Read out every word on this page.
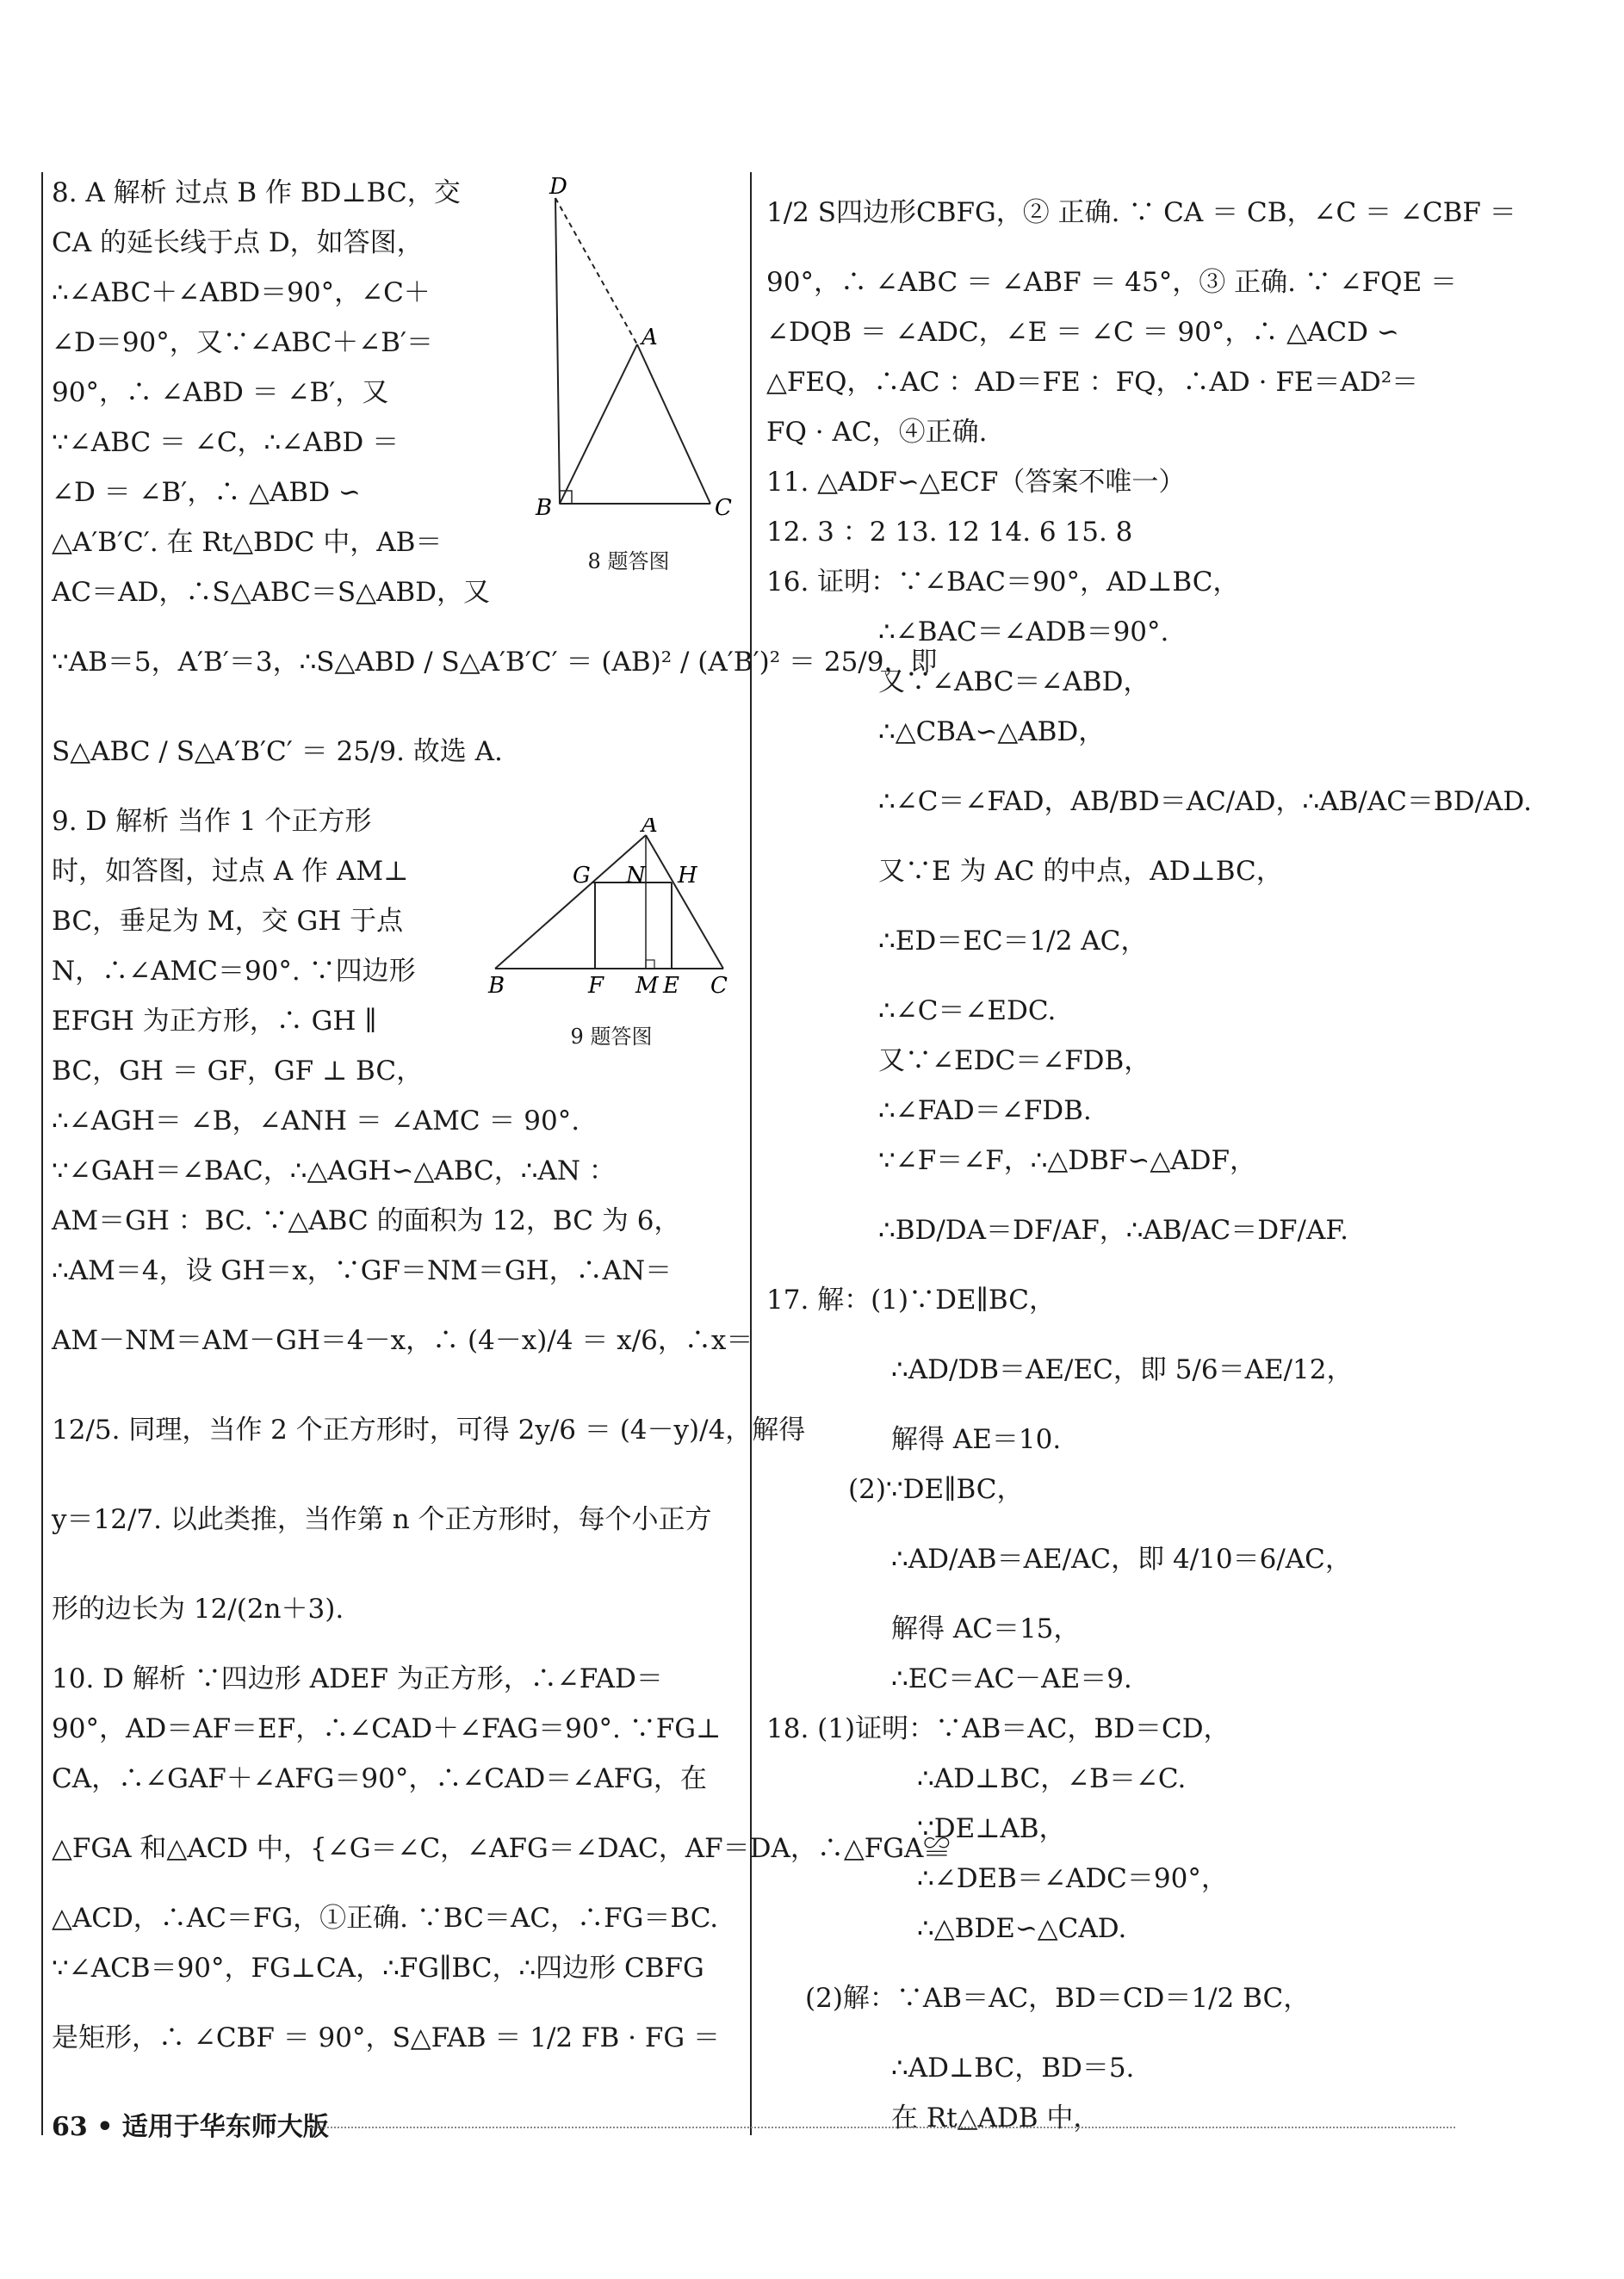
8. A 解析 过点 B 作 BD⊥BC，交
CA 的延长线于点 D，如答图，
∴∠ABC＋∠ABD＝90°，∠C＋
∠D＝90°，又∵∠ABC＋∠B′＝
90°，∴ ∠ABD ＝ ∠B′，又
∵∠ABC ＝ ∠C，∴∠ABD ＝
∠D ＝ ∠B′，∴ △ABD ∽
△A′B′C′. 在 Rt△BDC 中，AB＝
AC＝AD，∴S△ABC＝S△ABD，又
∵AB＝5，A′B′＝3，∴S△ABD / S△A′B′C′ ＝ (AB)² / (A′B′)² ＝ 25/9，即
S△ABC / S△A′B′C′ ＝ 25/9. 故选 A.
9. D 解析 当作 1 个正方形
时，如答图，过点 A 作 AM⊥
BC，垂足为 M，交 GH 于点
N，∴∠AMC＝90°. ∵四边形
EFGH 为正方形，∴ GH ∥
BC，GH ＝ GF，GF ⊥ BC，
∴∠AGH＝ ∠B，∠ANH ＝ ∠AMC ＝ 90°.
∵∠GAH＝∠BAC，∴△AGH∽△ABC，∴AN ：
AM＝GH ：BC. ∵△ABC 的面积为 12，BC 为 6，
∴AM＝4，设 GH＝x，∵GF＝NM＝GH，∴AN＝
AM－NM＝AM－GH＝4－x，∴ (4－x)/4 ＝ x/6，∴x＝
12/5. 同理，当作 2 个正方形时，可得 2y/6 ＝ (4－y)/4，解得
y＝12/7. 以此类推，当作第 n 个正方形时，每个小正方
形的边长为 12/(2n＋3).
10. D 解析 ∵四边形 ADEF 为正方形，∴∠FAD＝
90°，AD＝AF＝EF，∴∠CAD＋∠FAG＝90°. ∵FG⊥
CA，∴∠GAF＋∠AFG＝90°，∴∠CAD＝∠AFG，在
△FGA 和△ACD 中，{∠G＝∠C，∠AFG＝∠DAC，AF＝DA，∴△FGA≌
△ACD，∴AC＝FG，①正确. ∵BC＝AC，∴FG＝BC.
∵∠ACB＝90°，FG⊥CA，∴FG∥BC，∴四边形 CBFG
是矩形，∴ ∠CBF ＝ 90°，S△FAB ＝ 1/2 FB · FG ＝
D
A
B	C
8 题答图
A
G N H
B	F M E C
9 题答图
1/2 S四边形CBFG，② 正确. ∵ CA ＝ CB，∠C ＝ ∠CBF ＝
90°，∴ ∠ABC ＝ ∠ABF ＝ 45°，③ 正确. ∵ ∠FQE ＝
∠DQB ＝ ∠ADC，∠E ＝ ∠C ＝ 90°，∴ △ACD ∽
△FEQ，∴AC ：AD＝FE ：FQ，∴AD · FE＝AD²＝
FQ · AC，④正确.
11. △ADF∽△ECF（答案不唯一）
12. 3 ：2 13. 12 14. 6 15. 8
16. 证明：∵∠BAC＝90°，AD⊥BC，
∴∠BAC＝∠ADB＝90°.
又∵∠ABC＝∠ABD，
∴△CBA∽△ABD，
∴∠C＝∠FAD，AB/BD＝AC/AD，∴AB/AC＝BD/AD.
又∵E 为 AC 的中点，AD⊥BC，
∴ED＝EC＝1/2 AC，
∴∠C＝∠EDC.
又∵∠EDC＝∠FDB，
∴∠FAD＝∠FDB.
∵∠F＝∠F，∴△DBF∽△ADF，
∴BD/DA＝DF/AF，∴AB/AC＝DF/AF.
17. 解：(1)∵DE∥BC，
∴AD/DB＝AE/EC，即 5/6＝AE/12，
解得 AE＝10.
(2)∵DE∥BC，
∴AD/AB＝AE/AC，即 4/10＝6/AC，
解得 AC＝15，
∴EC＝AC－AE＝9.
18. (1)证明：∵AB＝AC，BD＝CD，
∴AD⊥BC，∠B＝∠C.
∵DE⊥AB，
∴∠DEB＝∠ADC＝90°，
∴△BDE∽△CAD.
(2)解：∵AB＝AC，BD＝CD＝1/2 BC，
∴AD⊥BC，BD＝5.
在 Rt△ADB 中，
63 • 适用于华东师大版
